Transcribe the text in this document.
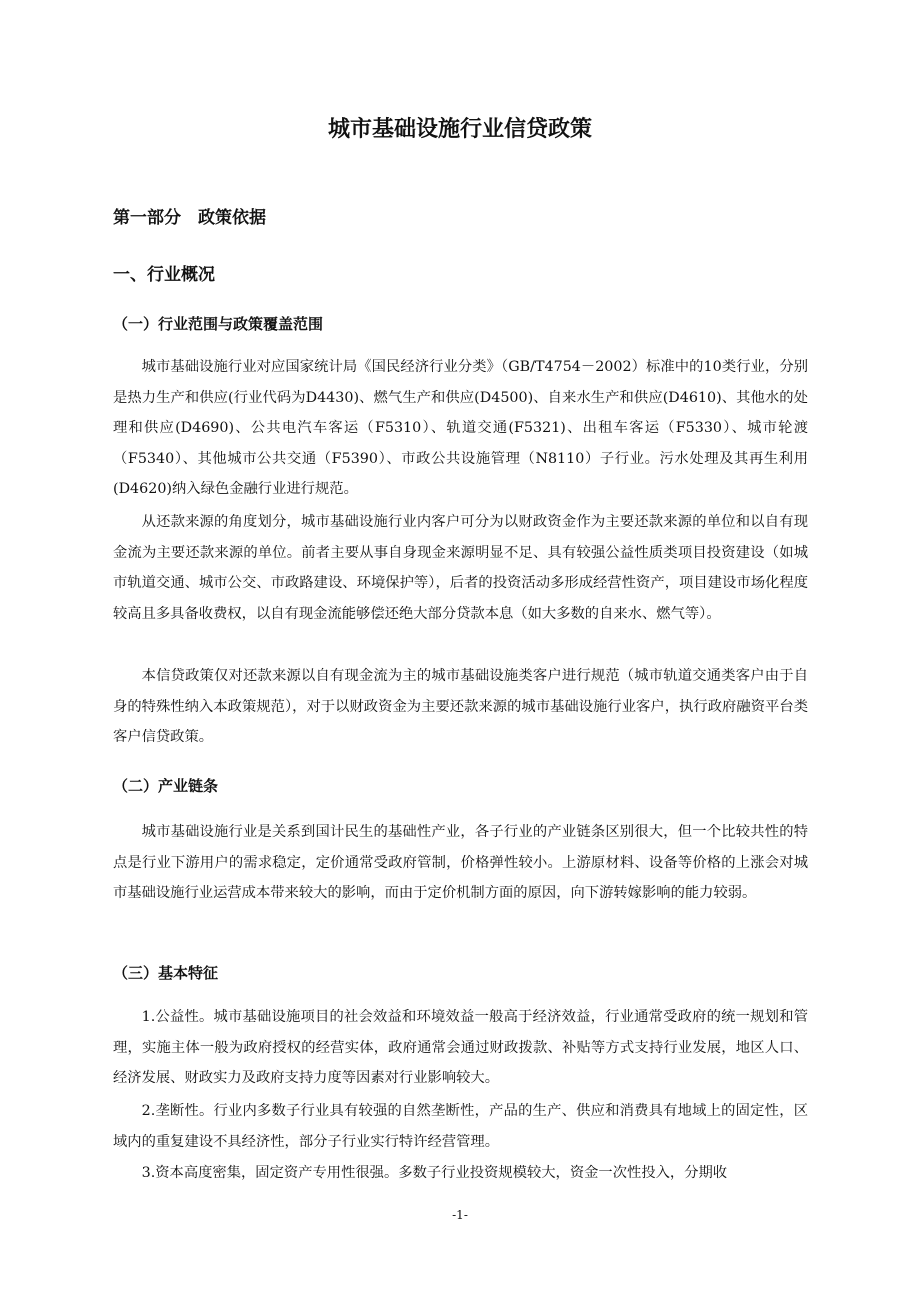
城市基础设施行业信贷政策
第一部分　政策依据
一、行业概况
（一）行业范围与政策覆盖范围

城市基础设施行业对应国家统计局《国民经济行业分类》（GB/T4754－2002）标准中的10类行业，分别是热力生产和供应(行业代码为D4430)、燃气生产和供应(D4500)、自来水生产和供应(D4610)、其他水的处理和供应(D4690)、公共电汽车客运（F5310）、轨道交通(F5321)、出租车客运（F5330）、城市轮渡（F5340）、其他城市公共交通（F5390）、市政公共设施管理（N8110）子行业。污水处理及其再生利用(D4620)纳入绿色金融行业进行规范。

从还款来源的角度划分，城市基础设施行业内客户可分为以财政资金作为主要还款来源的单位和以自有现金流为主要还款来源的单位。前者主要从事自身现金来源明显不足、具有较强公益性质类项目投资建设（如城市轨道交通、城市公交、市政路建设、环境保护等），后者的投资活动多形成经营性资产，项目建设市场化程度较高且多具备收费权，以自有现金流能够偿还绝大部分贷款本息（如大多数的自来水、燃气等）。

本信贷政策仅对还款来源以自有现金流为主的城市基础设施类客户进行规范（城市轨道交通类客户由于自身的特殊性纳入本政策规范），对于以财政资金为主要还款来源的城市基础设施行业客户，执行政府融资平台类客户信贷政策。

（二）产业链条

城市基础设施行业是关系到国计民生的基础性产业，各子行业的产业链条区别很大，但一个比较共性的特点是行业下游用户的需求稳定，定价通常受政府管制，价格弹性较小。上游原材料、设备等价格的上涨会对城市基础设施行业运营成本带来较大的影响，而由于定价机制方面的原因，向下游转嫁影响的能力较弱。

（三）基本特征

1.公益性。城市基础设施项目的社会效益和环境效益一般高于经济效益，行业通常受政府的统一规划和管理，实施主体一般为政府授权的经营实体，政府通常会通过财政拨款、补贴等方式支持行业发展，地区人口、经济发展、财政实力及政府支持力度等因素对行业影响较大。

2.垄断性。行业内多数子行业具有较强的自然垄断性，产品的生产、供应和消费具有地域上的固定性，区域内的重复建设不具经济性，部分子行业实行特许经营管理。

3.资本高度密集，固定资产专用性很强。多数子行业投资规模较大，资金一次性投入，分期收

-1-
